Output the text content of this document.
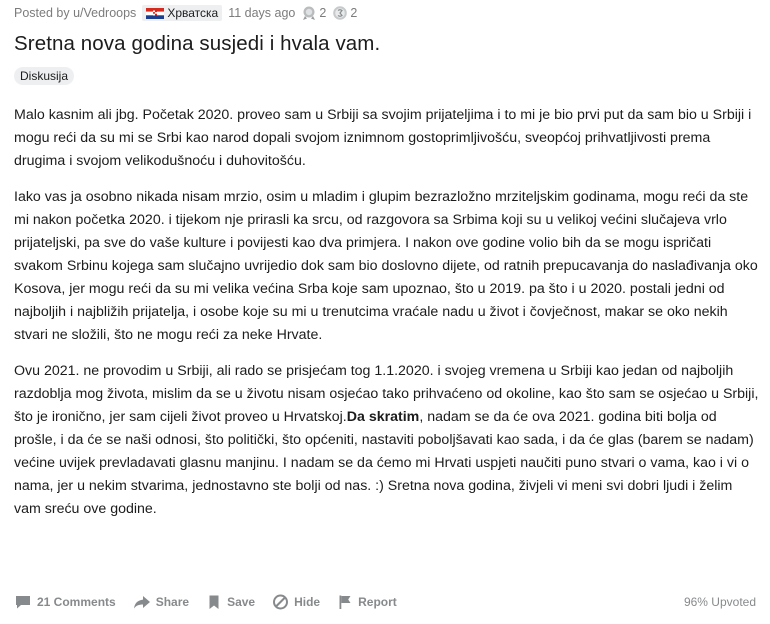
Posted by u/Vedroops	Хрватска 11 days ago 2 2
Sretna nova godina susjedi i hvala vam.
Diskusija

Malo kasnim ali jbg. Početak 2020. proveo sam u Srbiji sa svojim prijateljima i to mi je bio prvi put da sam bio u Srbiji i mogu reći da su mi se Srbi kao narod dopali svojom iznimnom gostoprimljivošću, sveopćoj prihvatljivosti prema drugima i svojom velikodušnoću i duhovitošću.

Iako vas ja osobno nikada nisam mrzio, osim u mladim i glupim bezrazložno mrziteljskim godinama, mogu reći da ste mi nakon početka 2020. i tijekom nje prirasli ka srcu, od razgovora sa Srbima koji su u velikoj većini slučajeva vrlo prijateljski, pa sve do vaše kulture i povijesti kao dva primjera. I nakon ove godine volio bih da se mogu ispričati svakom Srbinu kojega sam slučajno uvrijedio dok sam bio doslovno dijete, od ratnih prepucavanja do naslađivanja oko Kosova, jer mogu reći da su mi velika većina Srba koje sam upoznao, što u 2019. pa što i u 2020. postali jedni od najboljih i najbližih prijatelja, i osobe koje su mi u trenutcima vraćale nadu u život i čovječnost, makar se oko nekih stvari ne složili, što ne mogu reći za neke Hrvate.

Ovu 2021. ne provodim u Srbiji, ali rado se prisjećam tog 1.1.2020. i svojeg vremena u Srbiji kao jedan od najboljih razdoblja mog života, mislim da se u životu nisam osjećao tako prihvaćeno od okoline, kao što sam se osjećao u Srbiji, što je ironično, jer sam cijeli život proveo u Hrvatskoj.Da skratim, nadam se da će ova 2021. godina biti bolja od prošle, i da će se naši odnosi, što politički, što općeniti, nastaviti poboljšavati kao sada, i da će glas (barem se nadam) većine uvijek prevladavati glasnu manjinu. I nadam se da ćemo mi Hrvati uspjeti naučiti puno stvari o vama, kao i vi o nama, jer u nekim stvarima, jednostavno ste bolji od nas. :) Sretna nova godina, živjeli vi meni svi dobri ljudi i želim vam sreću ove godine.

21 Comments	Share	Save	Hide	Report	96% Upvoted
